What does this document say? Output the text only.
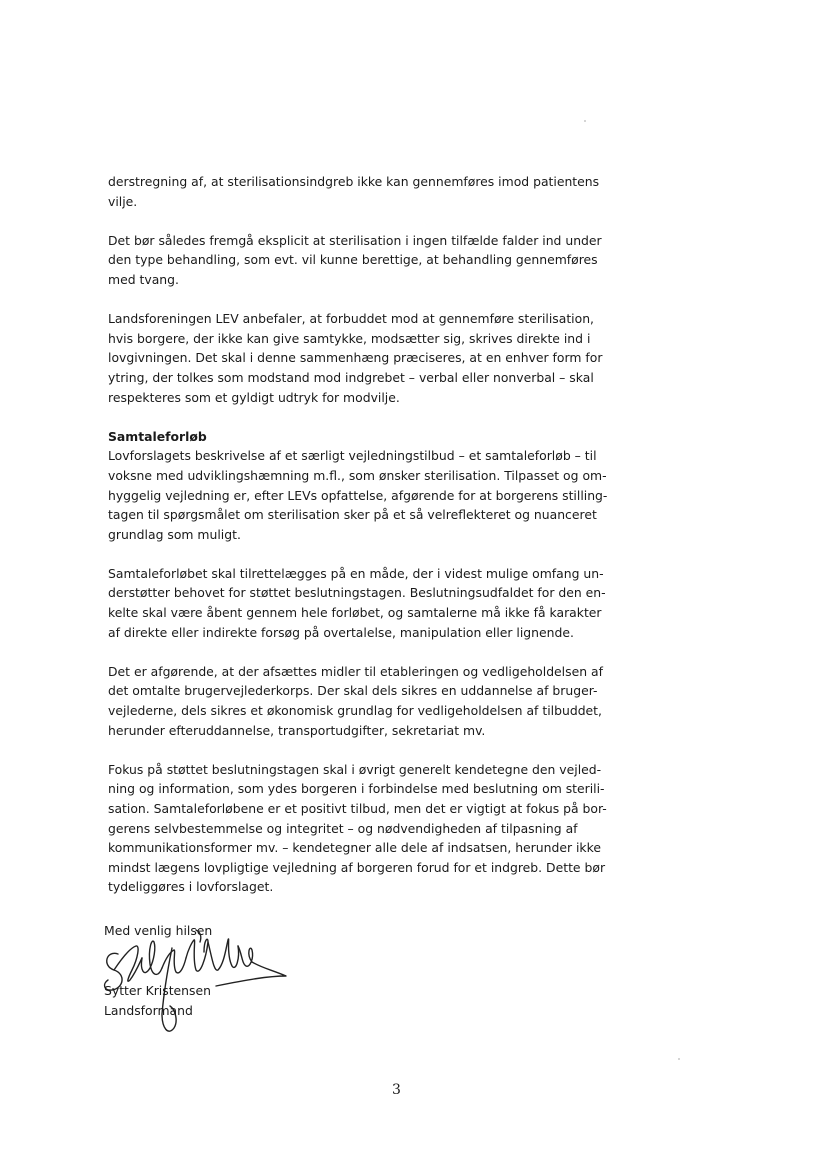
derstregning af, at sterilisationsindgreb ikke kan gennemføres imod patientens
vilje.

Det bør således fremgå eksplicit at sterilisation i ingen tilfælde falder ind under
den type behandling, som evt. vil kunne berettige, at behandling gennemføres
med tvang.

Landsforeningen LEV anbefaler, at forbuddet mod at gennemføre sterilisation,
hvis borgere, der ikke kan give samtykke, modsætter sig, skrives direkte ind i
lovgivningen. Det skal i denne sammenhæng præciseres, at en enhver form for
ytring, der tolkes som modstand mod indgrebet – verbal eller nonverbal – skal
respekteres som et gyldigt udtryk for modvilje.

Samtaleforløb

Lovforslagets beskrivelse af et særligt vejledningstilbud – et samtaleforløb – til
voksne med udviklingshæmning m.fl., som ønsker sterilisation. Tilpasset og om-
hyggelig vejledning er, efter LEVs opfattelse, afgørende for at borgerens stilling-
tagen til spørgsmålet om sterilisation sker på et så velreflekteret og nuanceret
grundlag som muligt.

Samtaleforløbet skal tilrettelægges på en måde, der i videst mulige omfang un-
derstøtter behovet for støttet beslutningstagen. Beslutningsudfaldet for den en-
kelte skal være åbent gennem hele forløbet, og samtalerne må ikke få karakter
af direkte eller indirekte forsøg på overtalelse, manipulation eller lignende.

Det er afgørende, at der afsættes midler til etableringen og vedligeholdelsen af
det omtalte brugervejlederkorps. Der skal dels sikres en uddannelse af bruger-
vejlederne, dels sikres et økonomisk grundlag for vedligeholdelsen af tilbuddet,
herunder efteruddannelse, transportudgifter, sekretariat mv.

Fokus på støttet beslutningstagen skal i øvrigt generelt kendetegne den vejled-
ning og information, som ydes borgeren i forbindelse med beslutning om sterili-
sation. Samtaleforløbene er et positivt tilbud, men det er vigtigt at fokus på bor-
gerens selvbestemmelse og integritet – og nødvendigheden af tilpasning af
kommunikationsformer mv. – kendetegner alle dele af indsatsen, herunder ikke
mindst lægens lovpligtige vejledning af borgeren forud for et indgreb. Dette bør
tydeliggøres i lovforslaget.

Med venlig hilsen
Sytter Kristensen
Landsformand
3
